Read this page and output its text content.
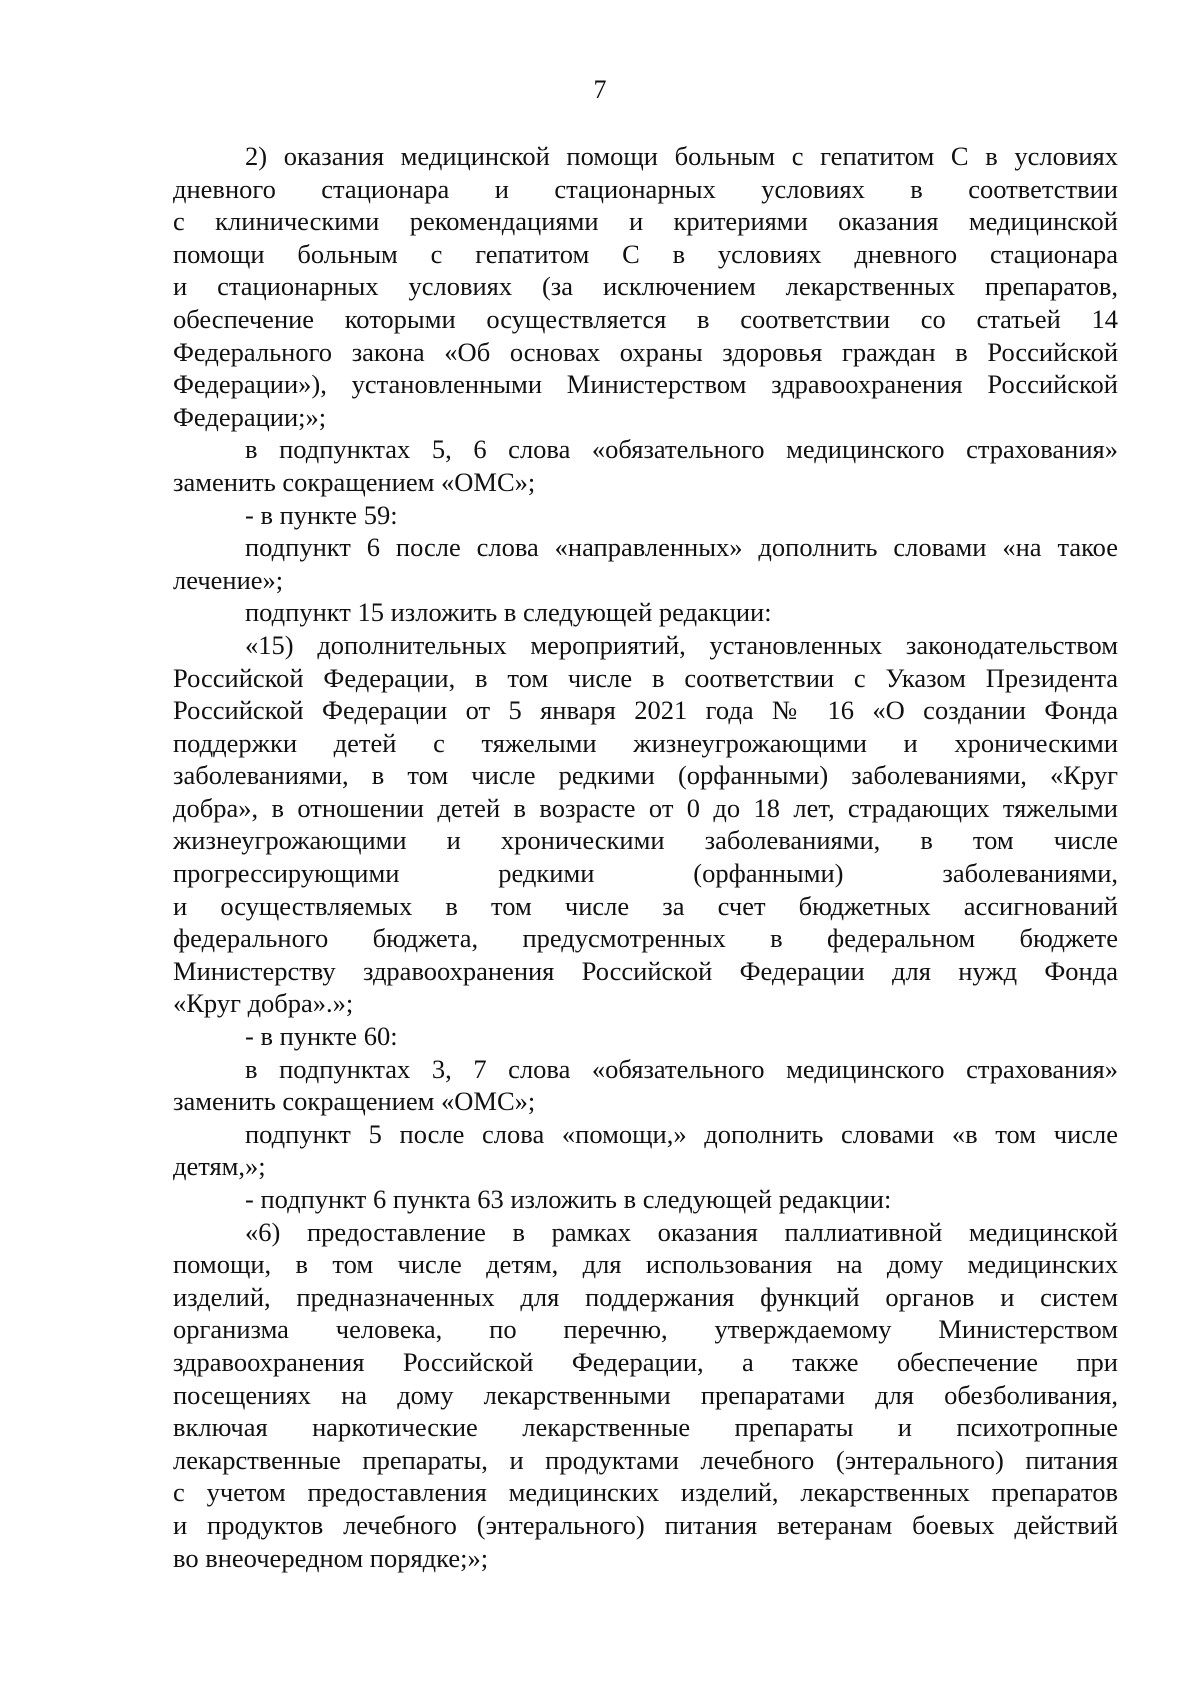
7
2) оказания медицинской помощи больным с гепатитом С в условиях
дневного стационара и стационарных условиях в соответствии
с клиническими рекомендациями и критериями оказания медицинской
помощи больным с гепатитом С в условиях дневного стационара
и стационарных условиях (за исключением лекарственных препаратов,
обеспечение которыми осуществляется в соответствии со статьей 14
Федерального закона «Об основах охраны здоровья граждан в Российской
Федерации»), установленными Министерством здравоохранения Российской
Федерации;»;
в подпунктах 5, 6 слова «обязательного медицинского страхования»
заменить сокращением «ОМС»;
- в пункте 59:
подпункт 6 после слова «направленных» дополнить словами «на такое
лечение»;
подпункт 15 изложить в следующей редакции:
«15) дополнительных мероприятий, установленных законодательством
Российской Федерации, в том числе в соответствии с Указом Президента
Российской Федерации от 5 января 2021 года № 16 «О создании Фонда
поддержки детей с тяжелыми жизнеугрожающими и хроническими
заболеваниями, в том числе редкими (орфанными) заболеваниями, «Круг
добра», в отношении детей в возрасте от 0 до 18 лет, страдающих тяжелыми
жизнеугрожающими и хроническими заболеваниями, в том числе
прогрессирующими редкими (орфанными) заболеваниями,
и осуществляемых в том числе за счет бюджетных ассигнований
федерального бюджета, предусмотренных в федеральном бюджете
Министерству здравоохранения Российской Федерации для нужд Фонда
«Круг добра».»;
- в пункте 60:
в подпунктах 3, 7 слова «обязательного медицинского страхования»
заменить сокращением «ОМС»;
подпункт 5 после слова «помощи,» дополнить словами «в том числе
детям,»;
- подпункт 6 пункта 63 изложить в следующей редакции:
«6) предоставление в рамках оказания паллиативной медицинской
помощи, в том числе детям, для использования на дому медицинских
изделий, предназначенных для поддержания функций органов и систем
организма человека, по перечню, утверждаемому Министерством
здравоохранения Российской Федерации, а также обеспечение при
посещениях на дому лекарственными препаратами для обезболивания,
включая наркотические лекарственные препараты и психотропные
лекарственные препараты, и продуктами лечебного (энтерального) питания
с учетом предоставления медицинских изделий, лекарственных препаратов
и продуктов лечебного (энтерального) питания ветеранам боевых действий
во внеочередном порядке;»;
